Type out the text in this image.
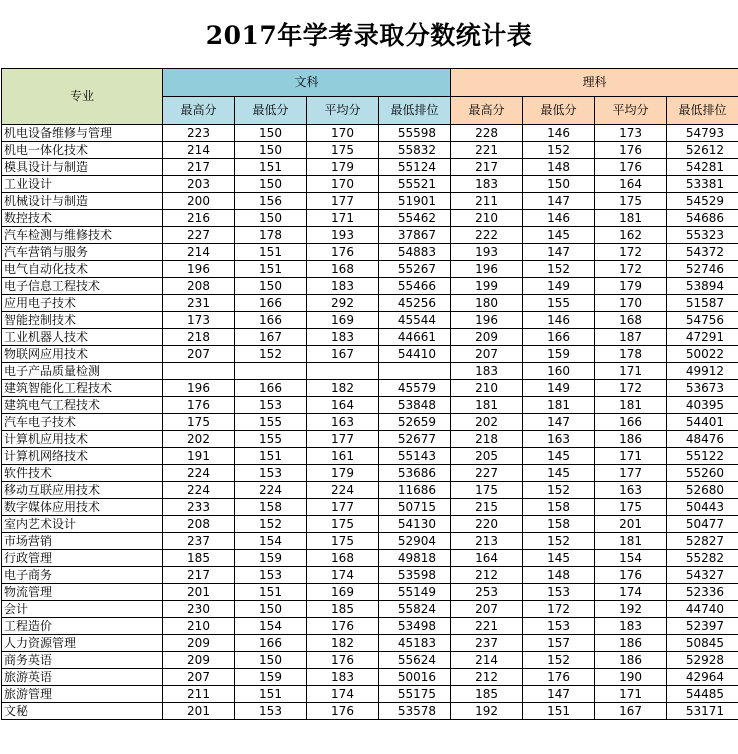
2017年学考录取分数统计表
专业	文科				理科			
	最高分	最低分	平均分	最低排位	最高分	最低分	平均分	最低排位
机电设备维修与管理	223	150	170	55598	228	146	173	54793
机电一体化技术	214	150	175	55832	221	152	176	52612
模具设计与制造	217	151	179	55124	217	148	176	54281
工业设计	203	150	170	55521	183	150	164	53381
机械设计与制造	200	156	177	51901	211	147	175	54529
数控技术	216	150	171	55462	210	146	181	54686
汽车检测与维修技术	227	178	193	37867	222	145	162	55323
汽车营销与服务	214	151	176	54883	193	147	172	54372
电气自动化技术	196	151	168	55267	196	152	172	52746
电子信息工程技术	208	150	183	55466	199	149	179	53894
应用电子技术	231	166	292	45256	180	155	170	51587
智能控制技术	173	166	169	45544	196	146	168	54756
工业机器人技术	218	167	183	44661	209	166	187	47291
物联网应用技术	207	152	167	54410	207	159	178	50022
电子产品质量检测					183	160	171	49912
建筑智能化工程技术	196	166	182	45579	210	149	172	53673
建筑电气工程技术	176	153	164	53848	181	181	181	40395
汽车电子技术	175	155	163	52659	202	147	166	54401
计算机应用技术	202	155	177	52677	218	163	186	48476
计算机网络技术	191	151	161	55143	205	145	171	55122
软件技术	224	153	179	53686	227	145	177	55260
移动互联应用技术	224	224	224	11686	175	152	163	52680
数字媒体应用技术	233	158	177	50715	215	158	175	50443
室内艺术设计	208	152	175	54130	220	158	201	50477
市场营销	237	154	175	52904	213	152	181	52827
行政管理	185	159	168	49818	164	145	154	55282
电子商务	217	153	174	53598	212	148	176	54327
物流管理	201	151	169	55149	253	153	174	52336
会计	230	150	185	55824	207	172	192	44740
工程造价	210	154	176	53498	221	153	183	52397
人力资源管理	209	166	182	45183	237	157	186	50845
商务英语	209	150	176	55624	214	152	186	52928
旅游英语	207	159	183	50016	212	176	190	42964
旅游管理	211	151	174	55175	185	147	171	54485
文秘	201	153	176	53578	192	151	167	53171
